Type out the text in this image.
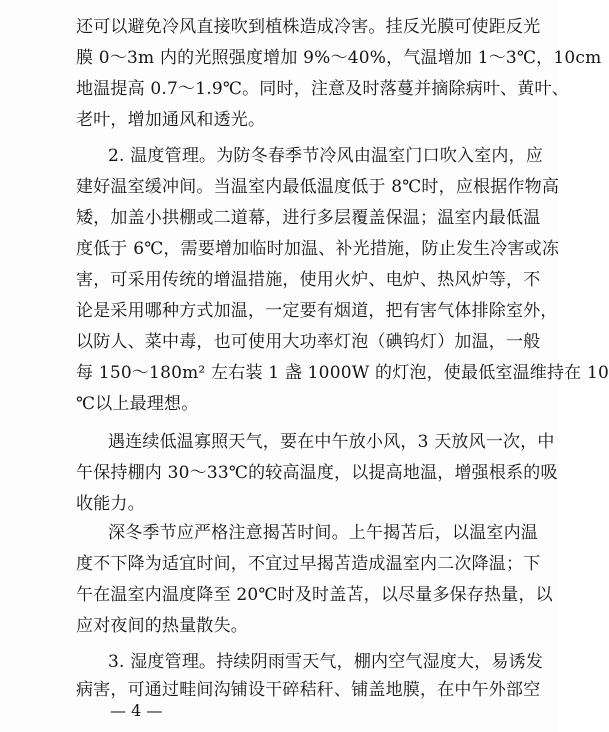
还可以避免冷风直接吹到植株造成冷害。挂反光膜可使距反光
膜 0～3m 内的光照强度增加 9%～40%，气温增加 1～3℃，10cm
地温提高 0.7～1.9℃。同时，注意及时落蔓并摘除病叶、黄叶、
老叶，增加通风和透光。
2. 温度管理。为防冬春季节冷风由温室门口吹入室内，应
建好温室缓冲间。当温室内最低温度低于 8℃时，应根据作物高
矮，加盖小拱棚或二道幕，进行多层覆盖保温；温室内最低温
度低于 6℃，需要增加临时加温、补光措施，防止发生冷害或冻
害，可采用传统的增温措施，使用火炉、电炉、热风炉等，不
论是采用哪种方式加温，一定要有烟道，把有害气体排除室外，
以防人、菜中毒，也可使用大功率灯泡（碘钨灯）加温，一般
每 150～180m² 左右装 1 盏 1000W 的灯泡，使最低室温维持在 10
℃以上最理想。
遇连续低温寡照天气，要在中午放小风，3 天放风一次，中
午保持棚内 30～33℃的较高温度，以提高地温，增强根系的吸
收能力。
深冬季节应严格注意揭苫时间。上午揭苫后，以温室内温
度不下降为适宜时间，不宜过早揭苫造成温室内二次降温；下
午在温室内温度降至 20℃时及时盖苫，以尽量多保存热量，以
应对夜间的热量散失。
3. 湿度管理。持续阴雨雪天气，棚内空气湿度大，易诱发
病害，可通过畦间沟铺设干碎秸秆、铺盖地膜，在中午外部空
— 4 —
